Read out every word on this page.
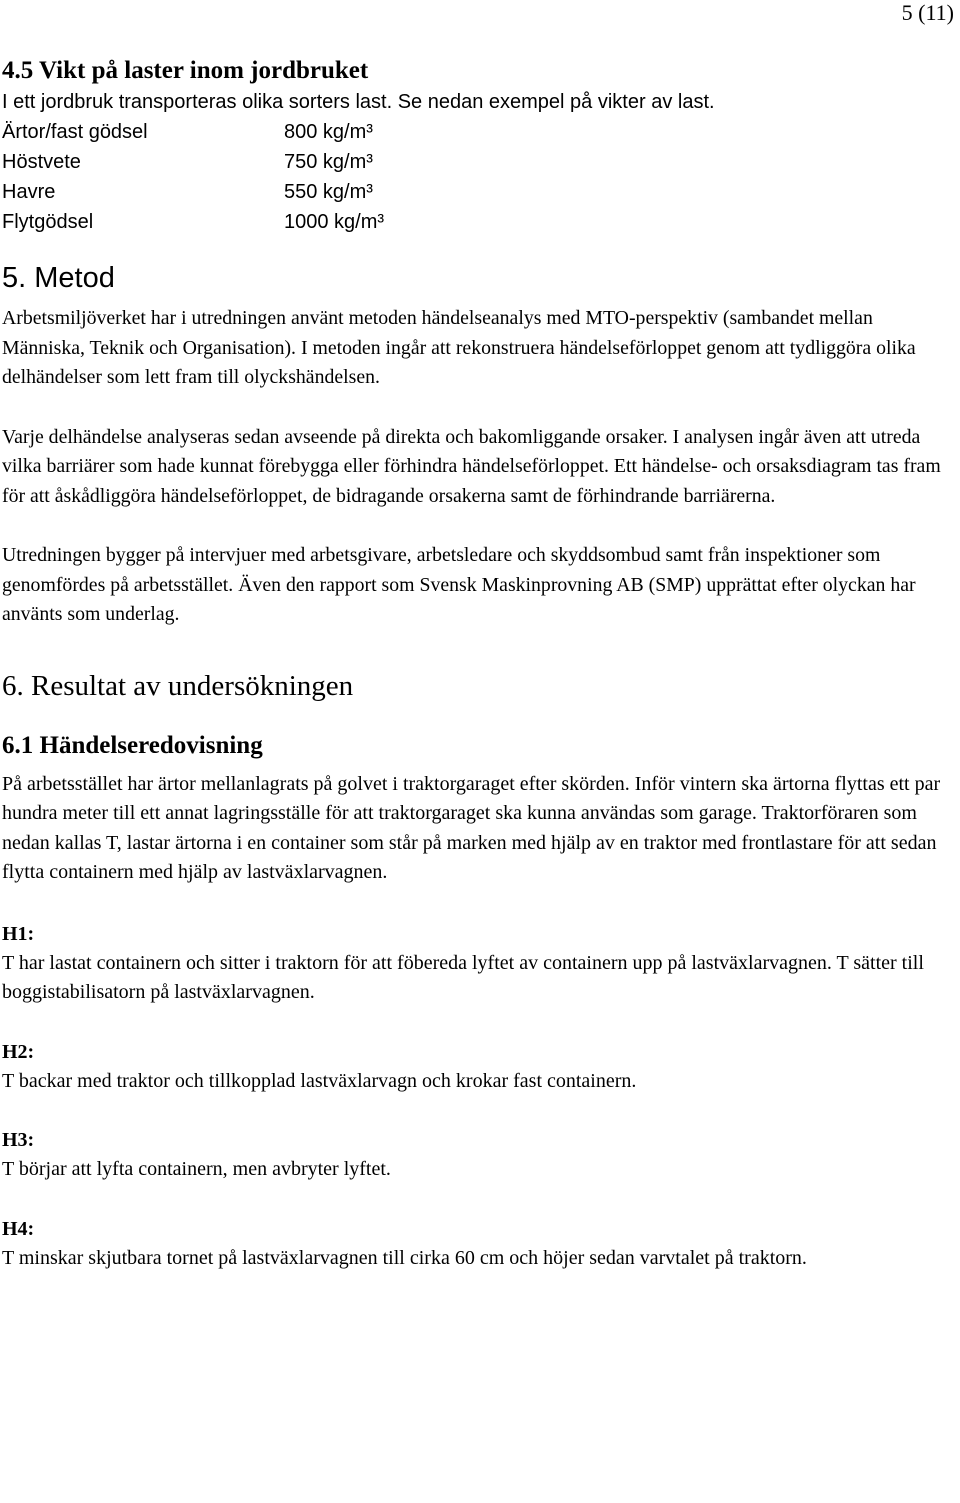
5 (11)
4.5 Vikt på laster inom jordbruket
I ett jordbruk transporteras olika sorters last. Se nedan exempel på vikter av last.
Ärtor/fast gödsel	800 kg/m³
Höstvete	750 kg/m³
Havre	550 kg/m³
Flytgödsel	1000 kg/m³
5. Metod

Arbetsmiljöverket har i utredningen använt metoden händelseanalys med MTO-perspektiv (sambandet mellan Människa, Teknik och Organisation). I metoden ingår att rekonstruera händelseförloppet genom att tydliggöra olika delhändelser som lett fram till olyckshändelsen.

Varje delhändelse analyseras sedan avseende på direkta och bakomliggande orsaker. I analysen ingår även att utreda vilka barriärer som hade kunnat förebygga eller förhindra händelseförloppet. Ett händelse- och orsaksdiagram tas fram för att åskådliggöra händelseförloppet, de bidragande orsakerna samt de förhindrande barriärerna.

Utredningen bygger på intervjuer med arbetsgivare, arbetsledare och skyddsombud samt från inspektioner som genomfördes på arbetsstället. Även den rapport som Svensk Maskinprovning AB (SMP) upprättat efter olyckan har använts som underlag.

6. Resultat av undersökningen
6.1 Händelseredovisning

På arbetsstället har ärtor mellanlagrats på golvet i traktorgaraget efter skörden. Inför vintern ska ärtorna flyttas ett par hundra meter till ett annat lagringsställe för att traktorgaraget ska kunna användas som garage. Traktorföraren som nedan kallas T, lastar ärtorna i en container som står på marken med hjälp av en traktor med frontlastare för att sedan flytta containern med hjälp av lastväxlarvagnen.

H1:

T har lastat containern och sitter i traktorn för att föbereda lyftet av containern upp på lastväxlarvagnen. T sätter till boggistabilisatorn på lastväxlarvagnen.

H2:

T backar med traktor och tillkopplad lastväxlarvagn och krokar fast containern.

H3:

T börjar att lyfta containern, men avbryter lyftet.

H4:

T minskar skjutbara tornet på lastväxlarvagnen till cirka 60 cm och höjer sedan varvtalet på traktorn.
